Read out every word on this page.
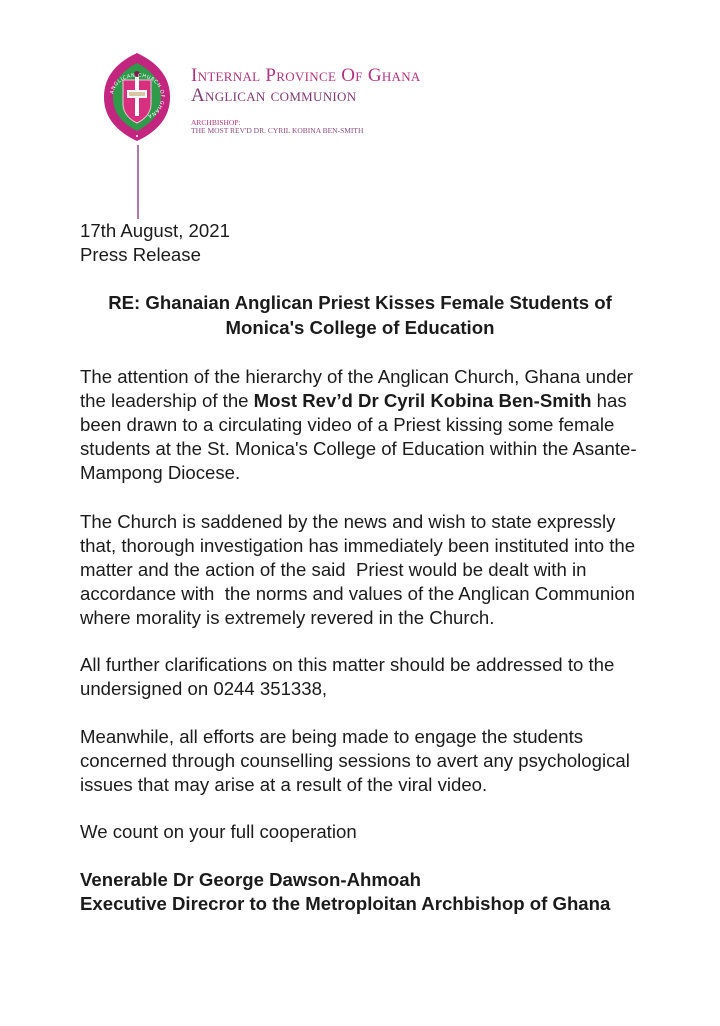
ANGLICAN CHURCH OF GHANA
Internal Province Of Ghana
Anglican communion
ARCHBISHOP:
THE MOST REV'D DR. CYRIL KOBINA BEN-SMITH
17th August, 2021
Press Release
RE: Ghanaian Anglican Priest Kisses Female Students of
Monica's College of Education

The attention of the hierarchy of the Anglican Church, Ghana under
the leadership of the Most Rev’d Dr Cyril Kobina Ben-Smith has
been drawn to a circulating video of a Priest kissing some female
students at the St. Monica's College of Education within the Asante-
Mampong Diocese.

The Church is saddened by the news and wish to state expressly
that, thorough investigation has immediately been instituted into the
matter and the action of the said  Priest would be dealt with in
accordance with  the norms and values of the Anglican Communion
where morality is extremely revered in the Church.

All further clarifications on this matter should be addressed to the
undersigned on 0244 351338,

Meanwhile, all efforts are being made to engage the students
concerned through counselling sessions to avert any psychological
issues that may arise at a result of the viral video.

We count on your full cooperation

Venerable Dr George Dawson-Ahmoah
Executive Direcror to the Metroploitan Archbishop of Ghana
